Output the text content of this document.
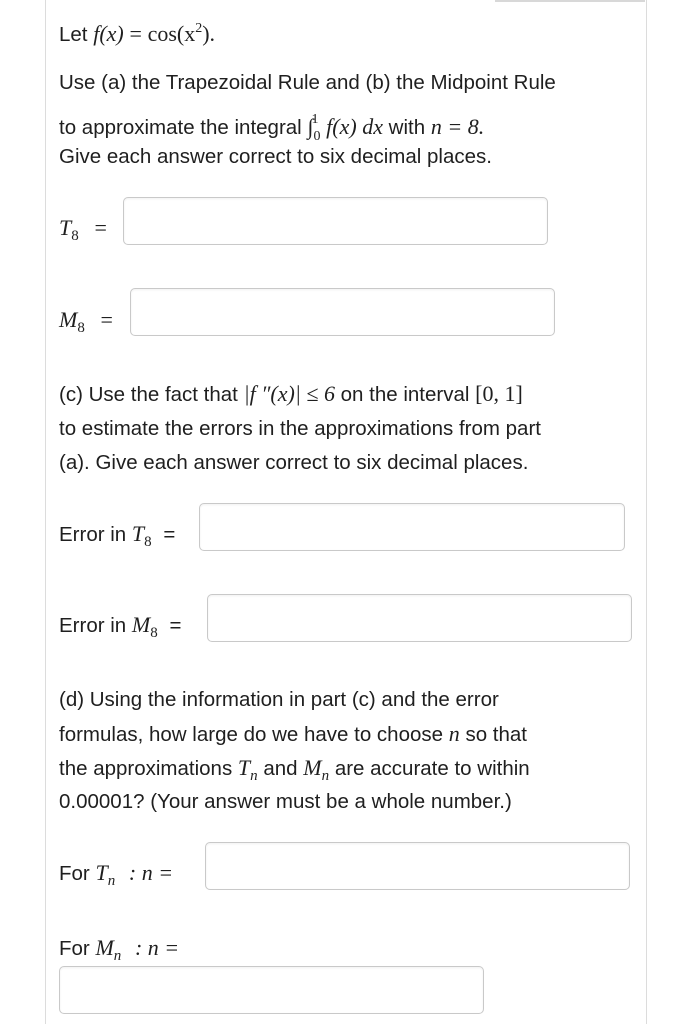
Let $f(x) = \cos(x^2)$.
Use (a) the Trapezoidal Rule and (b) the Midpoint Rule
to approximate the integral ∫$^1_0$ f(x) dx with n = 8.
Give each answer correct to six decimal places.
$T_8$ =
$M_8$ =
(c) Use the fact that |f ″(x)| ≤ 6 on the interval [0, 1]
to estimate the errors in the approximations from part
(a). Give each answer correct to six decimal places.
Error in $T_8$ =
Error in $M_8$ =
(d) Using the information in part (c) and the error
formulas, how large do we have to choose n so that
the approximations $T_n$ and $M_n$ are accurate to within
0.00001? (Your answer must be a whole number.)
For $T_n$ : n =
For $M_n$ : n =
